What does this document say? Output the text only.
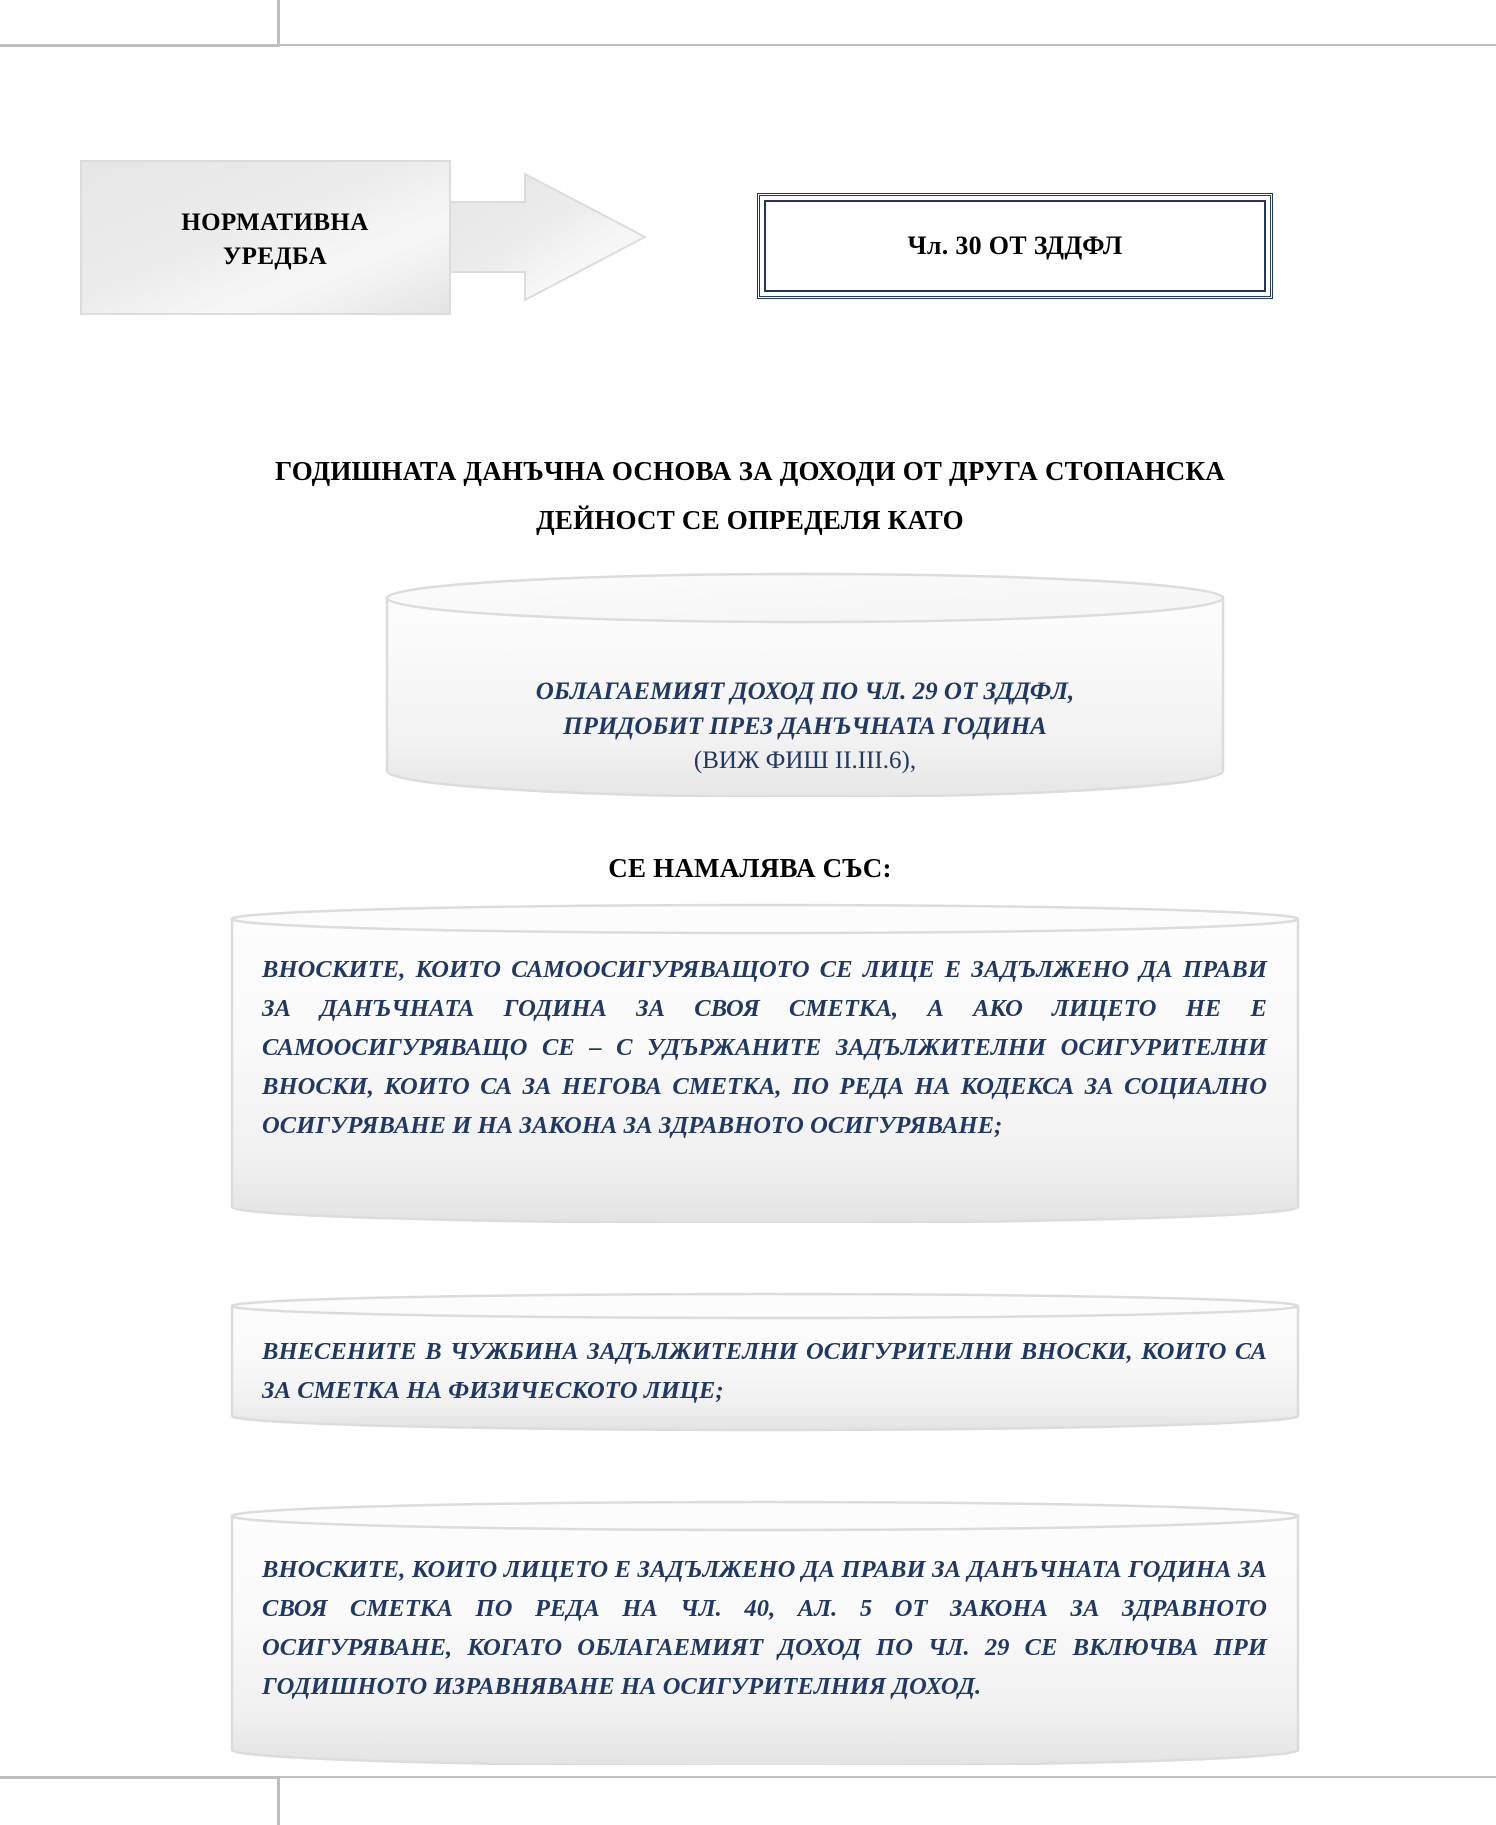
НОРМАТИВНА
УРЕДБА	Чл. 30 ОТ ЗДДФЛ
ГОДИШНАТА ДАНЪЧНА ОСНОВА ЗА ДОХОДИ ОТ ДРУГА СТОПАНСКА
ДЕЙНОСТ СЕ ОПРЕДЕЛЯ КАТО
ОБЛАГАЕМИЯТ ДОХОД ПО ЧЛ. 29 ОТ ЗДДФЛ,
ПРИДОБИТ ПРЕЗ ДАНЪЧНАТА ГОДИНА
(ВИЖ ФИШ II.III.6),
СЕ НАМАЛЯВА СЪС:
ВНОСКИТЕ, КОИТО САМООСИГУРЯВАЩОТО СЕ ЛИЦЕ Е ЗАДЪЛЖЕНО ДА ПРАВИ ЗА ДАНЪЧНАТА ГОДИНА ЗА СВОЯ СМЕТКА, А АКО ЛИЦЕТО НЕ Е САМООСИГУРЯВАЩО СЕ – С УДЪРЖАНИТЕ ЗАДЪЛЖИТЕЛНИ ОСИГУРИТЕЛНИ ВНОСКИ, КОИТО СА ЗА НЕГОВА СМЕТКА, ПО РЕДА НА КОДЕКСА ЗА СОЦИАЛНО ОСИГУРЯВАНЕ И НА ЗАКОНА ЗА ЗДРАВНОТО ОСИГУРЯВАНЕ;
ВНЕСЕНИТЕ В ЧУЖБИНА ЗАДЪЛЖИТЕЛНИ ОСИГУРИТЕЛНИ ВНОСКИ, КОИТО СА ЗА СМЕТКА НА ФИЗИЧЕСКОТО ЛИЦЕ;
ВНОСКИТЕ, КОИТО ЛИЦЕТО Е ЗАДЪЛЖЕНО ДА ПРАВИ ЗА ДАНЪЧНАТА ГОДИНА ЗА СВОЯ СМЕТКА ПО РЕДА НА ЧЛ. 40, АЛ. 5 ОТ ЗАКОНА ЗА ЗДРАВНОТО ОСИГУРЯВАНЕ, КОГАТО ОБЛАГАЕМИЯТ ДОХОД ПО ЧЛ. 29 СЕ ВКЛЮЧВА ПРИ ГОДИШНОТО ИЗРАВНЯВАНЕ НА ОСИГУРИТЕЛНИЯ ДОХОД.
